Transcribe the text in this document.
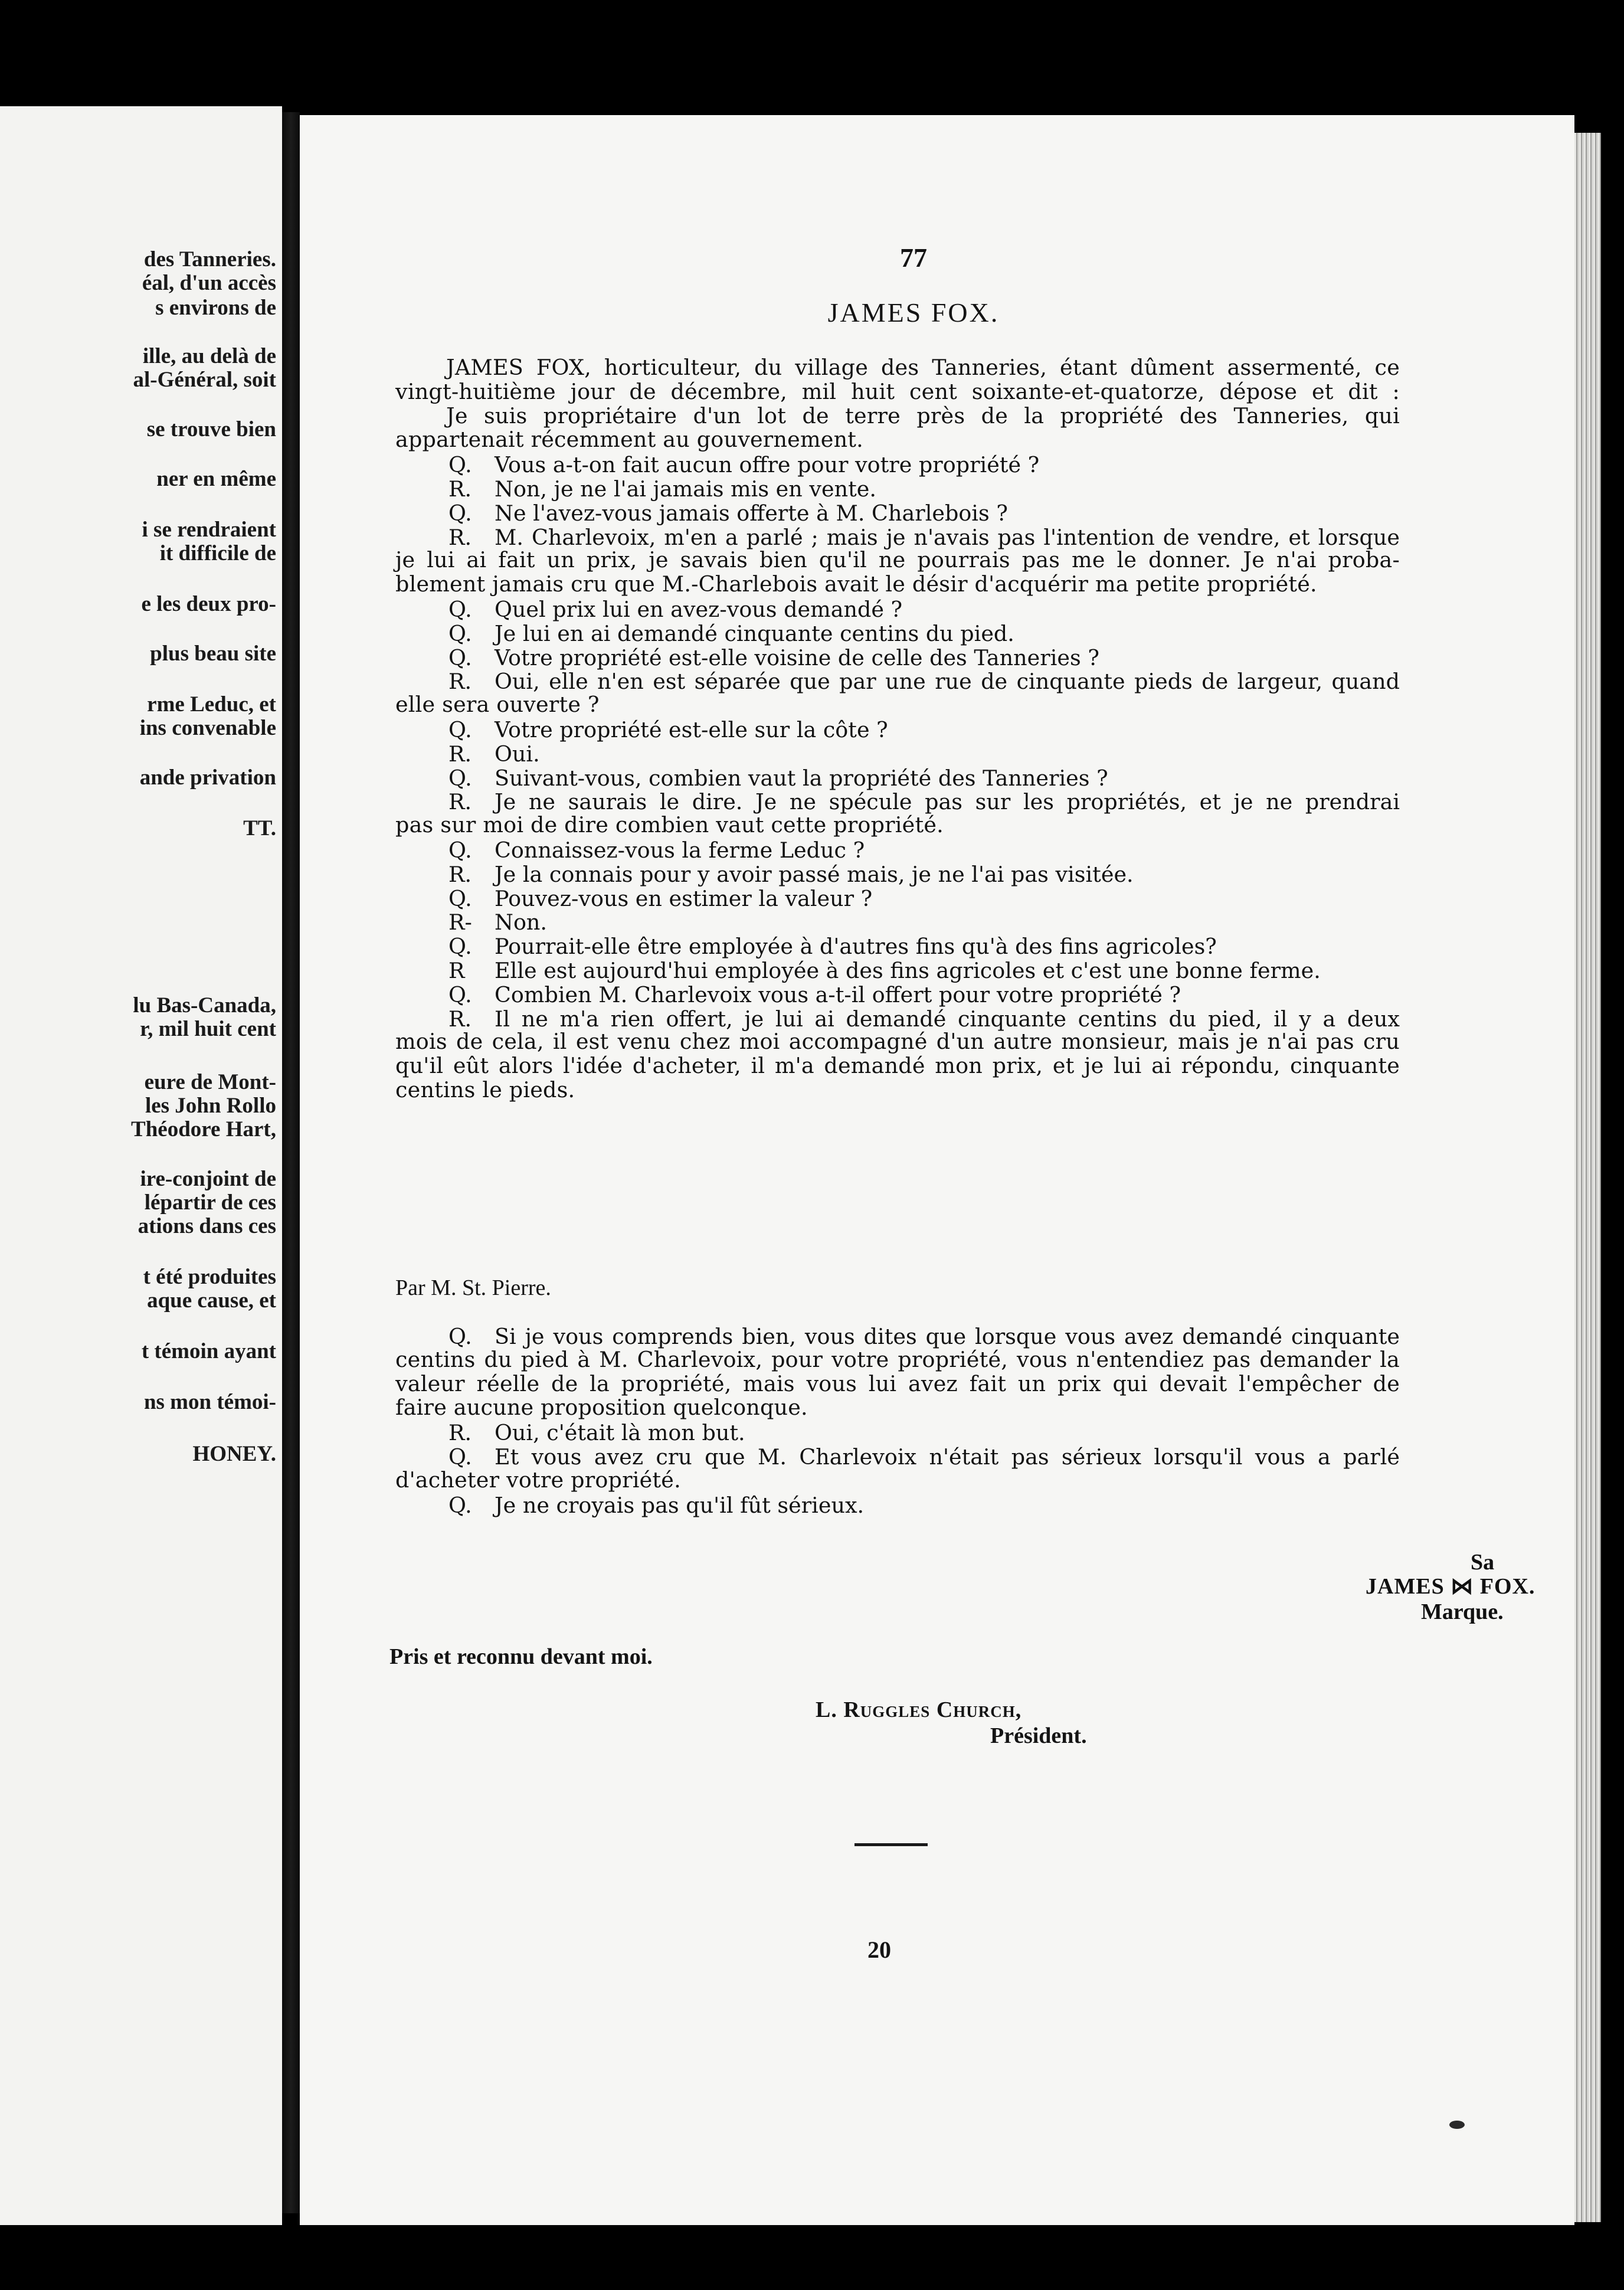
des Tanneries.
éal, d'un accès
s environs de
ille, au delà de
al-Général, soit
se trouve bien
ner en même
i se rendraient
it difficile de
e les deux pro-
plus beau site
rme Leduc, et
ins convenable
ande privation
TT.
lu Bas-Canada,
r, mil huit cent
eure de Mont-
les John Rollo
Théodore Hart,
ire-conjoint de
lépartir de ces
ations dans ces
t été produites
aque cause, et
t témoin ayant
ns mon témoi-
HONEY.
77
JAMES FOX.
JAMES FOX, horticulteur, du village des Tanneries, étant dûment assermenté, ce
vingt-huitième jour de décembre, mil huit cent soixante-et-quatorze, dépose et dit :
Je suis propriétaire d'un lot de terre près de la propriété des Tanneries, qui
appartenait récemment au gouvernement.
Q.	Vous a-t-on fait aucun offre pour votre propriété ?
R.	Non, je ne l'ai jamais mis en vente.
Q.	Ne l'avez-vous jamais offerte à M. Charlebois ?
R.	M. Charlevoix, m'en a parlé ; mais je n'avais pas l'intention de vendre, et lorsque
je lui ai fait un prix, je savais bien qu'il ne pourrais pas me le donner. Je n'ai proba-
blement jamais cru que M.-Charlebois avait le désir d'acquérir ma petite propriété.
Q.	Quel prix lui en avez-vous demandé ?
Q.	Je lui en ai demandé cinquante centins du pied.
Q.	Votre propriété est-elle voisine de celle des Tanneries ?
R.	Oui, elle n'en est séparée que par une rue de cinquante pieds de largeur, quand
elle sera ouverte ?
Q.	Votre propriété est-elle sur la côte ?
R.	Oui.
Q.	Suivant-vous, combien vaut la propriété des Tanneries ?
R.	Je ne saurais le dire. Je ne spécule pas sur les propriétés, et je ne prendrai
pas sur moi de dire combien vaut cette propriété.
Q.	Connaissez-vous la ferme Leduc ?
R.	Je la connais pour y avoir passé mais, je ne l'ai pas visitée.
Q.	Pouvez-vous en estimer la valeur ?
R-	Non.
Q.	Pourrait-elle être employée à d'autres fins qu'à des fins agricoles?
R	Elle est aujourd'hui employée à des fins agricoles et c'est une bonne ferme.
Q.	Combien M. Charlevoix vous a-t-il offert pour votre propriété ?
R.	Il ne m'a rien offert, je lui ai demandé cinquante centins du pied, il y a deux
mois de cela, il est venu chez moi accompagné d'un autre monsieur, mais je n'ai pas cru
qu'il eût alors l'idée d'acheter, il m'a demandé mon prix, et je lui ai répondu, cinquante
centins le pieds.
Q.	Si je vous comprends bien, vous dites que lorsque vous avez demandé cinquante
centins du pied à M. Charlevoix, pour votre propriété, vous n'entendiez pas demander la
valeur réelle de la propriété, mais vous lui avez fait un prix qui devait l'empêcher de
faire aucune proposition quelconque.
R.	Oui, c'était là mon but.
Q.	Et vous avez cru que M. Charlevoix n'était pas sérieux lorsqu'il vous a parlé
d'acheter votre propriété.
Q.	Je ne croyais pas qu'il fût sérieux.
Par M. St. Pierre.
Sa
JAMES ⋈ FOX.
Marque.
Pris et reconnu devant moi.
L. Ruggles Church,
Président.
20
